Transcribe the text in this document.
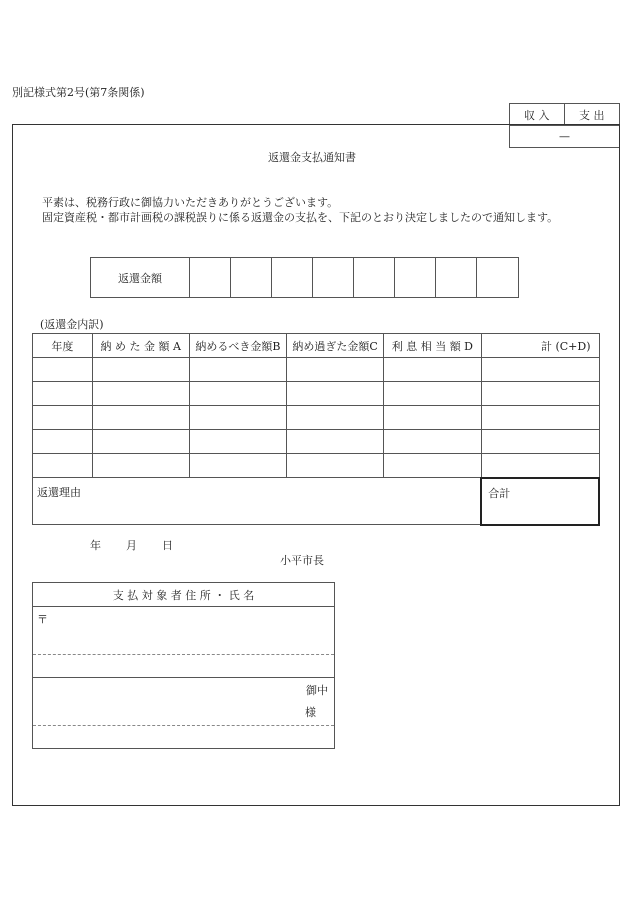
別記様式第2号(第7条関係)
収 入	支 出
—
返還金支払通知書
平素は、税務行政に御協力いただきありがとうございます。
固定資産税・都市計画税の課税誤りに係る返還金の支払を、下記のとおり決定しましたので通知します。
返還金額								
(返還金内訳)
年度	納 め た 金 額 A	納めるべき金額B	納め過ぎた金額C	利 息 相 当 額 D	計 (C+D)

返還理由					合計
年 月 日
小平市長
支 払 対 象 者 住 所 ・ 氏 名
〒

御中
様
